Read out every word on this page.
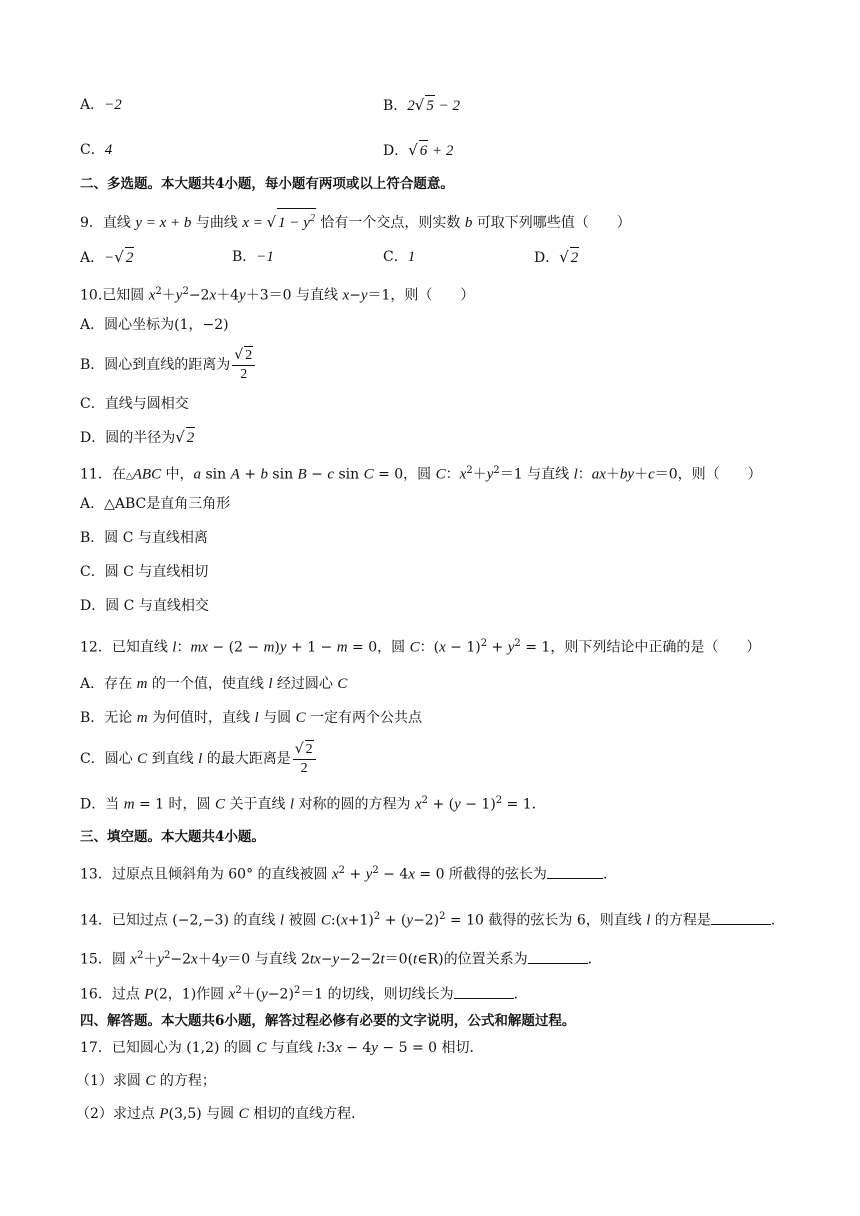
A．−2	B．2√ 5 − 2
C．4	D．√ 6 + 2
二、多选题。本大题共4小题，每小题有两项或以上符合题意。
9．直线 y = x + b 与曲线 x = √ $1 - y^2$ 恰有一个交点，则实数 b 可取下列哪些值（　　）
A．−√ 2	B．−1	C．1	D．√ 2
10.已知圆 $x^2+y^2-2x+4y+3=0$ 与直线 x−y＝1，则（　　）
A．圆心坐标为(1，−2)
B．圆心到直线的距离为 $\frac{√ 2}{2}$
C．直线与圆相交
D．圆的半径为√ 2
11．在△ABC 中，a sin A + b sin B − c sin C = 0，圆 C：$x^2+y^2=1$ 与直线 l：ax＋by＋c＝0，则（　　）
A．△ABC是直角三角形
B．圆 C 与直线相离
C．圆 C 与直线相切
D．圆 C 与直线相交
12．已知直线 l：mx − (2 − m)y + 1 − m = 0，圆 C：$(x - 1)^2 + y^2 = 1$，则下列结论中正确的是（　　）
A．存在 m 的一个值，使直线 l 经过圆心 C
B．无论 m 为何值时，直线 l 与圆 C 一定有两个公共点
C．圆心 C 到直线 l 的最大距离是 $\frac{√ 2}{2}$
D．当 m = 1 时，圆 C 关于直线 l 对称的圆的方程为 $x^2 + (y - 1)^2 = 1$．
三、填空题。本大题共4小题。
13．过原点且倾斜角为 60° 的直线被圆 $x^2 + y^2 - 4x = 0$ 所截得的弦长为	．
14．已知过点 (−2,−3) 的直线 l 被圆 $C:(x+1)^2 + (y-2)^2 = 10$ 截得的弦长为 6，则直线 l 的方程是	．
15．圆 $x^2+y^2-2x+4y=0$ 与直线 2tx−y−2−2t＝0(t∈R)的位置关系为	．
16．过点 P(2，1)作圆 $x^2+(y-2)^2=1$ 的切线，则切线长为	．
四、解答题。本大题共6小题，解答过程必修有必要的文字说明，公式和解题过程。
17．已知圆心为 (1,2) 的圆 C 与直线 l:3x − 4y − 5 = 0 相切．
（1）求圆 C 的方程；
（2）求过点 P(3,5) 与圆 C 相切的直线方程．
